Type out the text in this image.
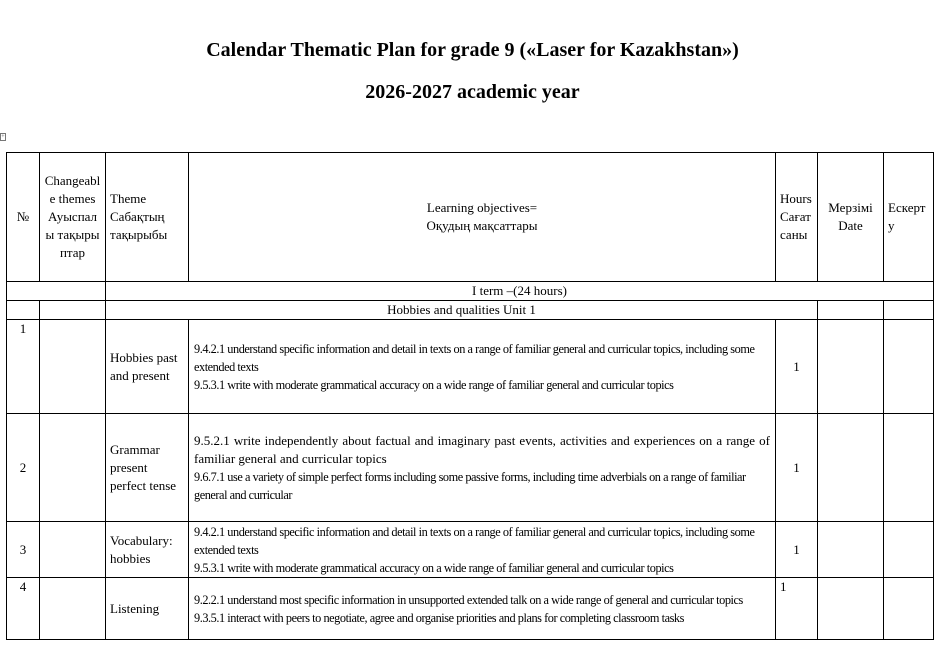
Calendar Thematic Plan for grade 9 («Laser for Kazakhstan»)
2026-2027 academic year
+
№	Changeable themes Ауыспалы тақырыптар	Theme Сабақтың тақырыбы	Learning objectives=
Оқудың мақсаттары	Hours Сағат саны	Мерзімі Date	Ескерту
		I term –(24 hours)				
		Hobbies and qualities Unit 1				
1		Hobbies past and present	9.4.2.1 understand specific information and detail in texts on a range of familiar general and curricular topics, including some extended texts
9.5.3.1 write with moderate grammatical accuracy on a wide range of familiar general and curricular topics	1		
2		Grammar present perfect tense	9.5.2.1 write independently about factual and imaginary past events, activities and experiences on a range of familiar general and curricular topics
9.6.7.1 use a variety of simple perfect forms including some passive forms, including time adverbials on a range of familiar general and curricular	1		
3		Vocabulary: hobbies	9.4.2.1 understand specific information and detail in texts on a range of familiar general and curricular topics, including some extended texts
9.5.3.1 write with moderate grammatical accuracy on a wide range of familiar general and curricular topics	1		
4		Listening	9.2.2.1 understand most specific information in unsupported extended talk on a wide range of general and curricular topics
9.3.5.1 interact with peers to negotiate, agree and organise priorities and plans for completing classroom tasks	1		
